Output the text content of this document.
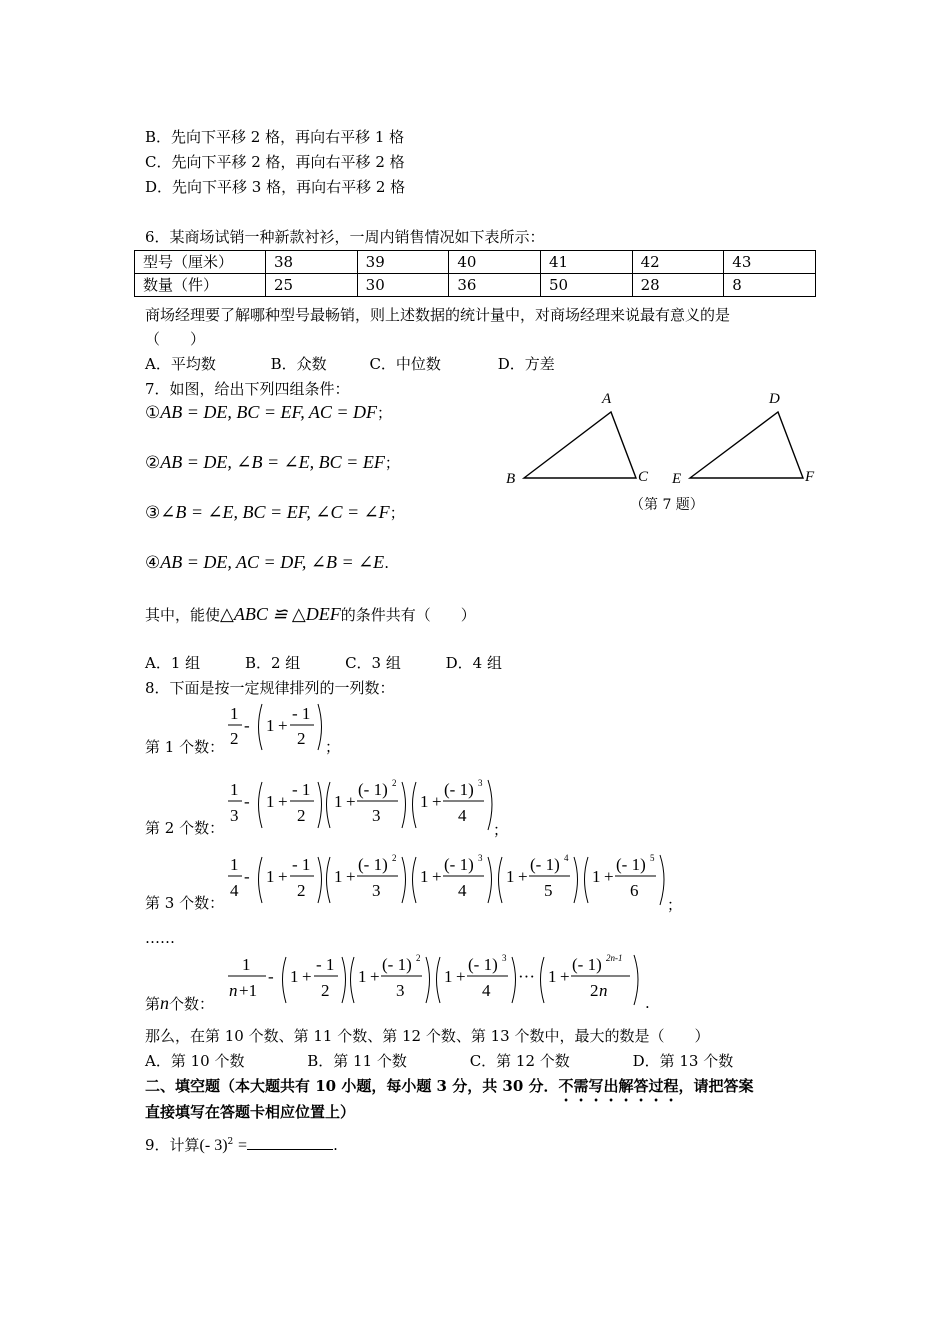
B．先向下平移 2 格，再向右平移 1 格
C．先向下平移 2 格，再向右平移 2 格
D．先向下平移 3 格，再向右平移 2 格
6．某商场试销一种新款衬衫，一周内销售情况如下表所示：
型号（厘米）	38	39	40	41	42	43
数量（件）	25	30	36	50	28	8
商场经理要了解哪种型号最畅销，则上述数据的统计量中，对商场经理来说最有意义的是
（　　）
A．平均数	B．众数	C．中位数	D．方差
7．如图，给出下列四组条件：
①AB = DE, BC = EF, AC = DF；
②AB = DE, ∠B = ∠E, BC = EF；
③∠B = ∠E, BC = EF, ∠C = ∠F；
④AB = DE, AC = DF, ∠B = ∠E.
其中，能使△ABC ≌ △DEF的条件共有（　　）
A．1 组	B．2 组	C．3 组	D．4 组
A
B	C
D
E	F
（第 7 题）
8．下面是按一定规律排列的一列数：
第 1 个数：
1
2
- 1 +
- 1
2 ；
第 2 个数：
1
3
- 1 +
- 1
2
1 +
(- 1) 2
3
1 +
(- 1) 3
4
；
第 3 个数：
1
4
- 1 +
- 1
2
1 +
(- 1) 2
3
1 +
(- 1) 3
4
1 +
(- 1) 4
5
1 +
(- 1) 5
6
；
……
第n个数：
1
n +1
- 1 +
- 1
2
1 +
(- 1) 2
3
1 +
(- 1) 3
4
··· 1 +
(- 1) 2n-1
2 n
.
那么，在第 10 个数、第 11 个数、第 12 个数、第 13 个数中，最大的数是（　　）
A．第 10 个数	B．第 11 个数	C．第 12 个数	D．第 13 个数
二、填空题（本大题共有 10 小题，每小题 3 分，共 30 分．不需写出解答过程，请把答案
直接填写在答题卡相应位置上）
9．计算(- 3)$^2$ =	.
